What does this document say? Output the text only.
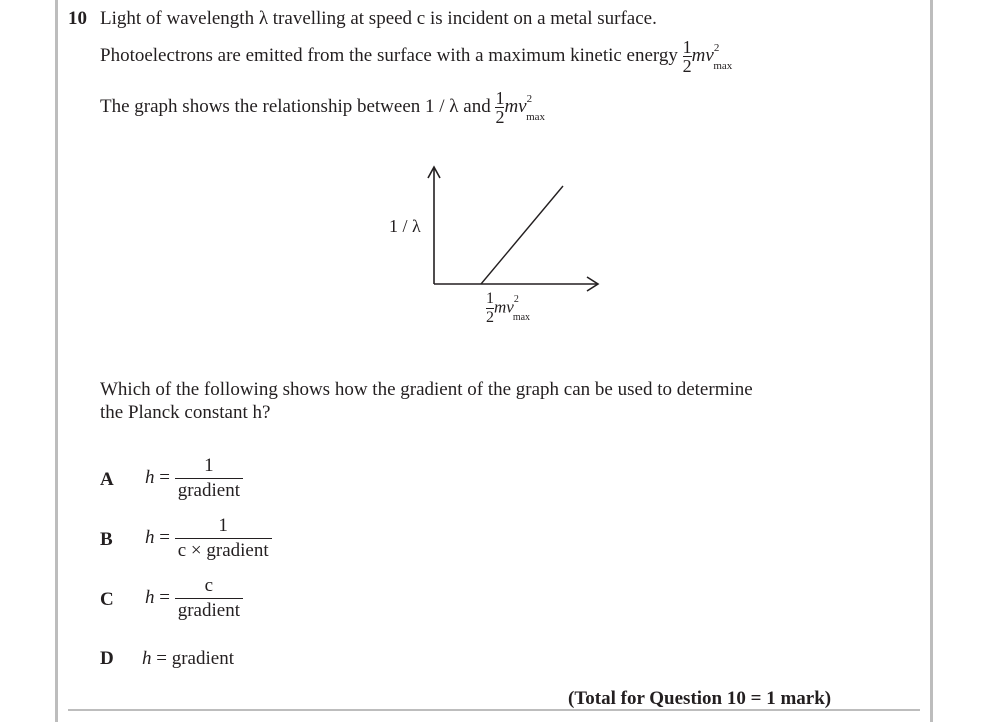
10 Light of wavelength λ travelling at speed c is incident on a metal surface.
Photoelectrons are emitted from the surface with a maximum kinetic energy $\frac{1}{2} mv^2_{max}$
The graph shows the relationship between 1 / λ and $\frac{1}{2} mv^2_{max}$
1 / λ
$\frac{1}{2} mv^2_{max}$
Which of the following shows how the gradient of the graph can be used to determine
the Planck constant h?
A h =
1
gradient
B h =
1
c × gradient
C h =
c
gradient
D h = gradient
(Total for Question 10 = 1 mark)
